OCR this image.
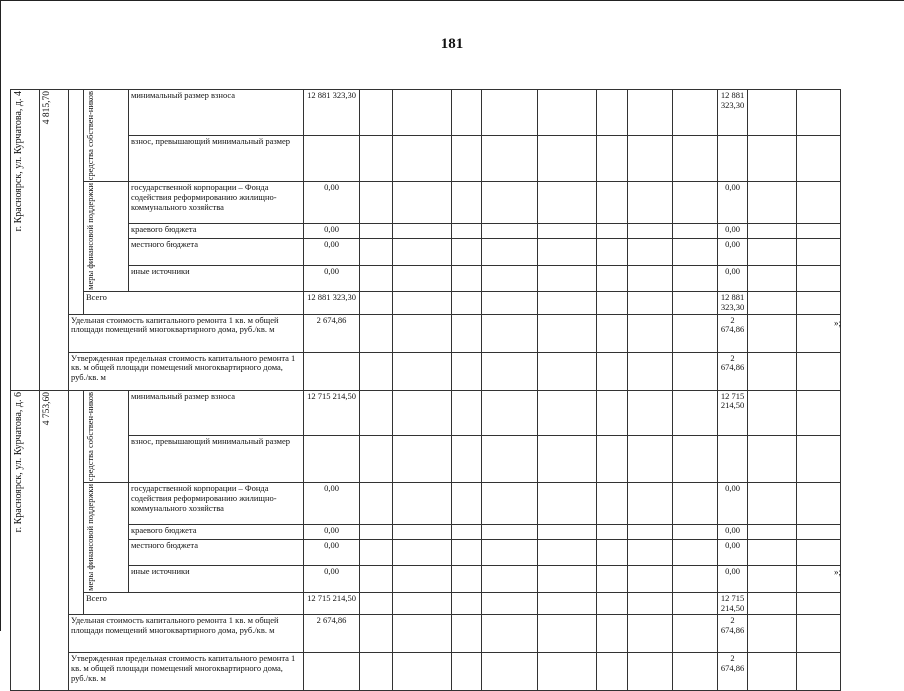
181
г. Красноярск, ул. Курчатова, д. 4	4 815,70		средства собствен-ников	минимальный размер взноса	12 881 323,30									12 881 323,30		
				взнос, превышающий минимальный размер												

			меры финансовой поддержки	государственной корпорации – Фонда содействия реформированию жилищно-коммунального хозяйства	0,00									0,00		
				краевого бюджета	0,00									0,00		
				местного бюджета	0,00									0,00		
				иные источники	0,00									0,00		
			Всего		12 881 323,30									12 881 323,30		
		Удельная стоимость капитального ремонта 1 кв. м общей площади помещений многоквартирного дома, руб./кв. м			2 674,86									2 674,86		
		Утвержденная предельная стоимость капитального ремонта 1 кв. м общей площади помещений многоквартирного дома, руб./кв. м												2 674,86		

г. Красноярск, ул. Курчатова, д. 6	4 753,60		средства собствен-ников	минимальный размер взноса	12 715 214,50									12 715 214,50		
				взнос, превышающий минимальный размер												

			меры финансовой поддержки	государственной корпорации – Фонда содействия реформированию жилищно-коммунального хозяйства	0,00									0,00		
				краевого бюджета	0,00									0,00		
				местного бюджета	0,00									0,00		
				иные источники	0,00									0,00		
			Всего		12 715 214,50									12 715 214,50		
		Удельная стоимость капитального ремонта 1 кв. м общей площади помещений многоквартирного дома, руб./кв. м			2 674,86									2 674,86		
		Утвержденная предельная стоимость капитального ремонта 1 кв. м общей площади помещений многоквартирного дома, руб./кв. м												2 674,86		
»;
»;
